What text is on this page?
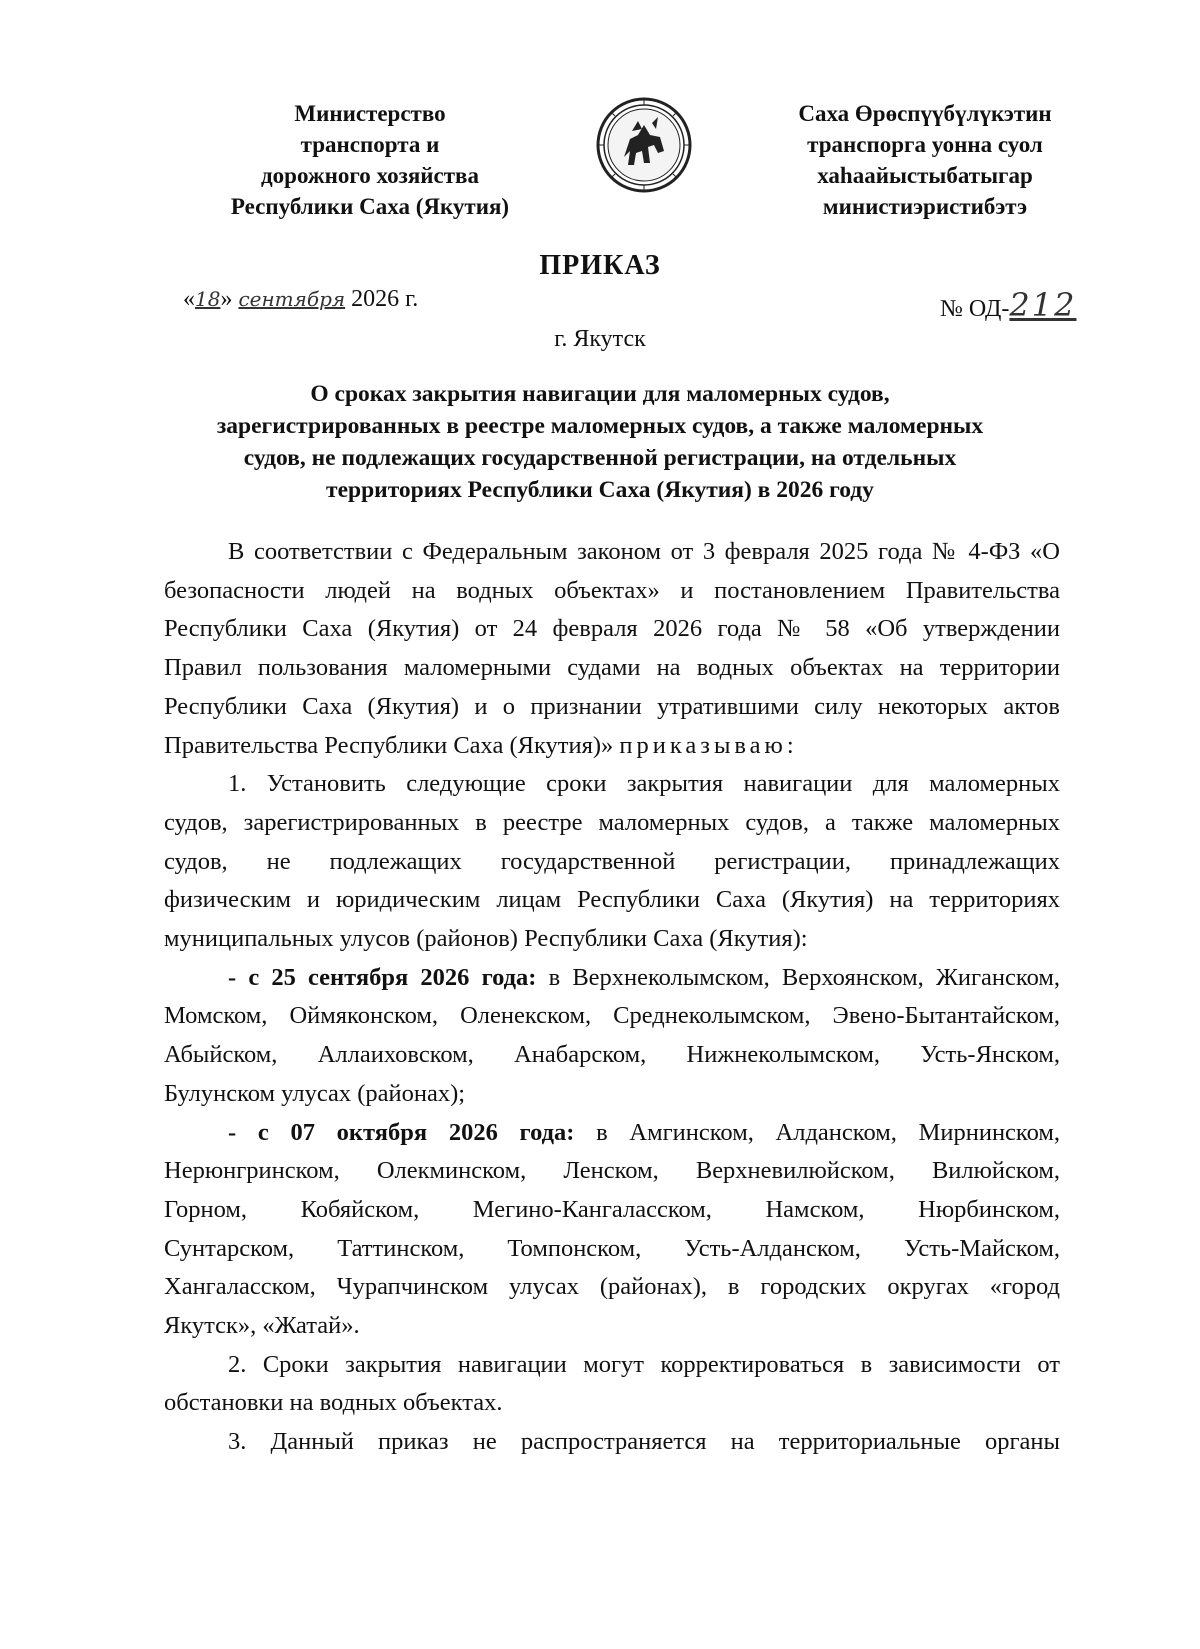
Министерство
транспорта и
дорожного хозяйства
Республики Саха (Якутия)
Саха Өрөспүүбүлүкэтин
транспорга уонна суол
хаһаайыстыбатыгар
министиэристибэтэ
ПРИКАЗ
«18» сентября 2026 г.	№ ОД-212
г. Якутск
О сроках закрытия навигации для маломерных судов,
зарегистрированных в реестре маломерных судов, а также маломерных
судов, не подлежащих государственной регистрации, на отдельных
территориях Республики Саха (Якутия) в 2026 году
В соответствии с Федеральным законом от 3 февраля 2025 года № 4-ФЗ «О
безопасности людей на водных объектах» и постановлением Правительства
Республики Саха (Якутия) от 24 февраля 2026 года № 58 «Об утверждении
Правил пользования маломерными судами на водных объектах на территории
Республики Саха (Якутия) и о признании утратившими силу некоторых актов
Правительства Республики Саха (Якутия)» приказываю:
1. Установить следующие сроки закрытия навигации для маломерных
судов, зарегистрированных в реестре маломерных судов, а также маломерных
судов, не подлежащих государственной регистрации, принадлежащих
физическим и юридическим лицам Республики Саха (Якутия) на территориях
муниципальных улусов (районов) Республики Саха (Якутия):
- с 25 сентября 2026 года: в Верхнеколымском, Верхоянском, Жиганском,
Момском, Оймяконском, Оленекском, Среднеколымском, Эвено-Бытантайском,
Абыйском, Аллаиховском, Анабарском, Нижнеколымском, Усть-Янском,
Булунском улусах (районах);
- с 07 октября 2026 года: в Амгинском, Алданском, Мирнинском,
Нерюнгринском, Олекминском, Ленском, Верхневилюйском, Вилюйском,
Горном, Кобяйском, Мегино-Кангаласском, Намском, Нюрбинском,
Сунтарском, Таттинском, Томпонском, Усть-Алданском, Усть-Майском,
Хангаласском, Чурапчинском улусах (районах), в городских округах «город
Якутск», «Жатай».
2. Сроки закрытия навигации могут корректироваться в зависимости от
обстановки на водных объектах.
3. Данный приказ не распространяется на территориальные органы
